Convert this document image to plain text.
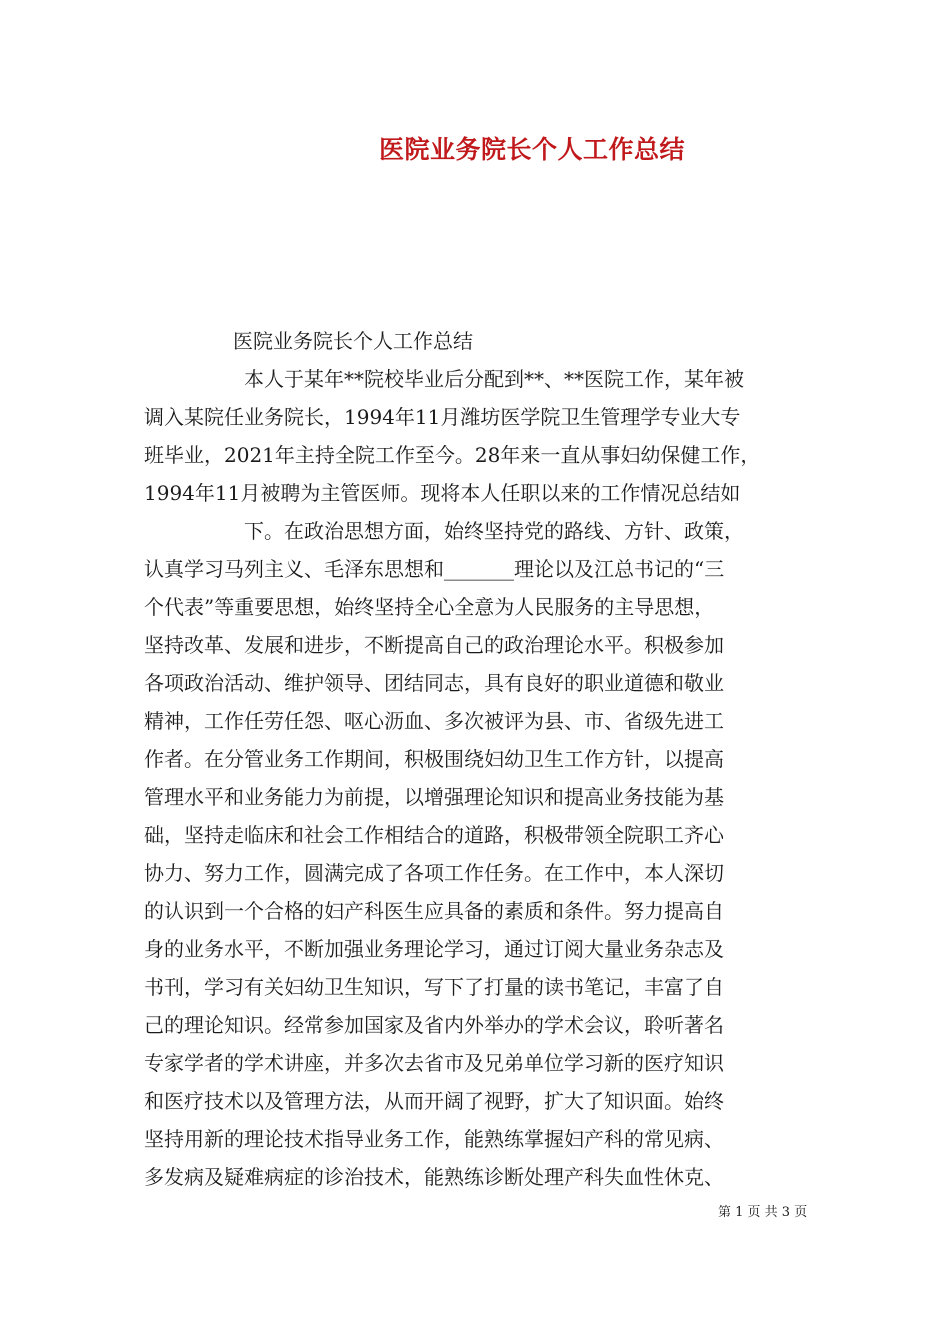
医院业务院长个人工作总结
医院业务院长个人工作总结
本人于某年**院校毕业后分配到**、**医院工作，某年被
调入某院任业务院长，1994年11月潍坊医学院卫生管理学专业大专
班毕业，2021年主持全院工作至今。28年来一直从事妇幼保健工作，
1994年11月被聘为主管医师。现将本人任职以来的工作情况总结如
下。在政治思想方面，始终坚持党的路线、方针、政策，
认真学习马列主义、毛泽东思想和_______理论以及江总书记的“三
个代表”等重要思想，始终坚持全心全意为人民服务的主导思想，
坚持改革、发展和进步，不断提高自己的政治理论水平。积极参加
各项政治活动、维护领导、团结同志，具有良好的职业道德和敬业
精神，工作任劳任怨、呕心沥血、多次被评为县、市、省级先进工
作者。在分管业务工作期间，积极围绕妇幼卫生工作方针，以提高
管理水平和业务能力为前提，以增强理论知识和提高业务技能为基
础，坚持走临床和社会工作相结合的道路，积极带领全院职工齐心
协力、努力工作，圆满完成了各项工作任务。在工作中，本人深切
的认识到一个合格的妇产科医生应具备的素质和条件。努力提高自
身的业务水平，不断加强业务理论学习，通过订阅大量业务杂志及
书刊，学习有关妇幼卫生知识，写下了打量的读书笔记，丰富了自
己的理论知识。经常参加国家及省内外举办的学术会议，聆听著名
专家学者的学术讲座，并多次去省市及兄弟单位学习新的医疗知识
和医疗技术以及管理方法，从而开阔了视野，扩大了知识面。始终
坚持用新的理论技术指导业务工作，能熟练掌握妇产科的常见病、
多发病及疑难病症的诊治技术，能熟练诊断处理产科失血性休克、
第 1 页 共 3 页
